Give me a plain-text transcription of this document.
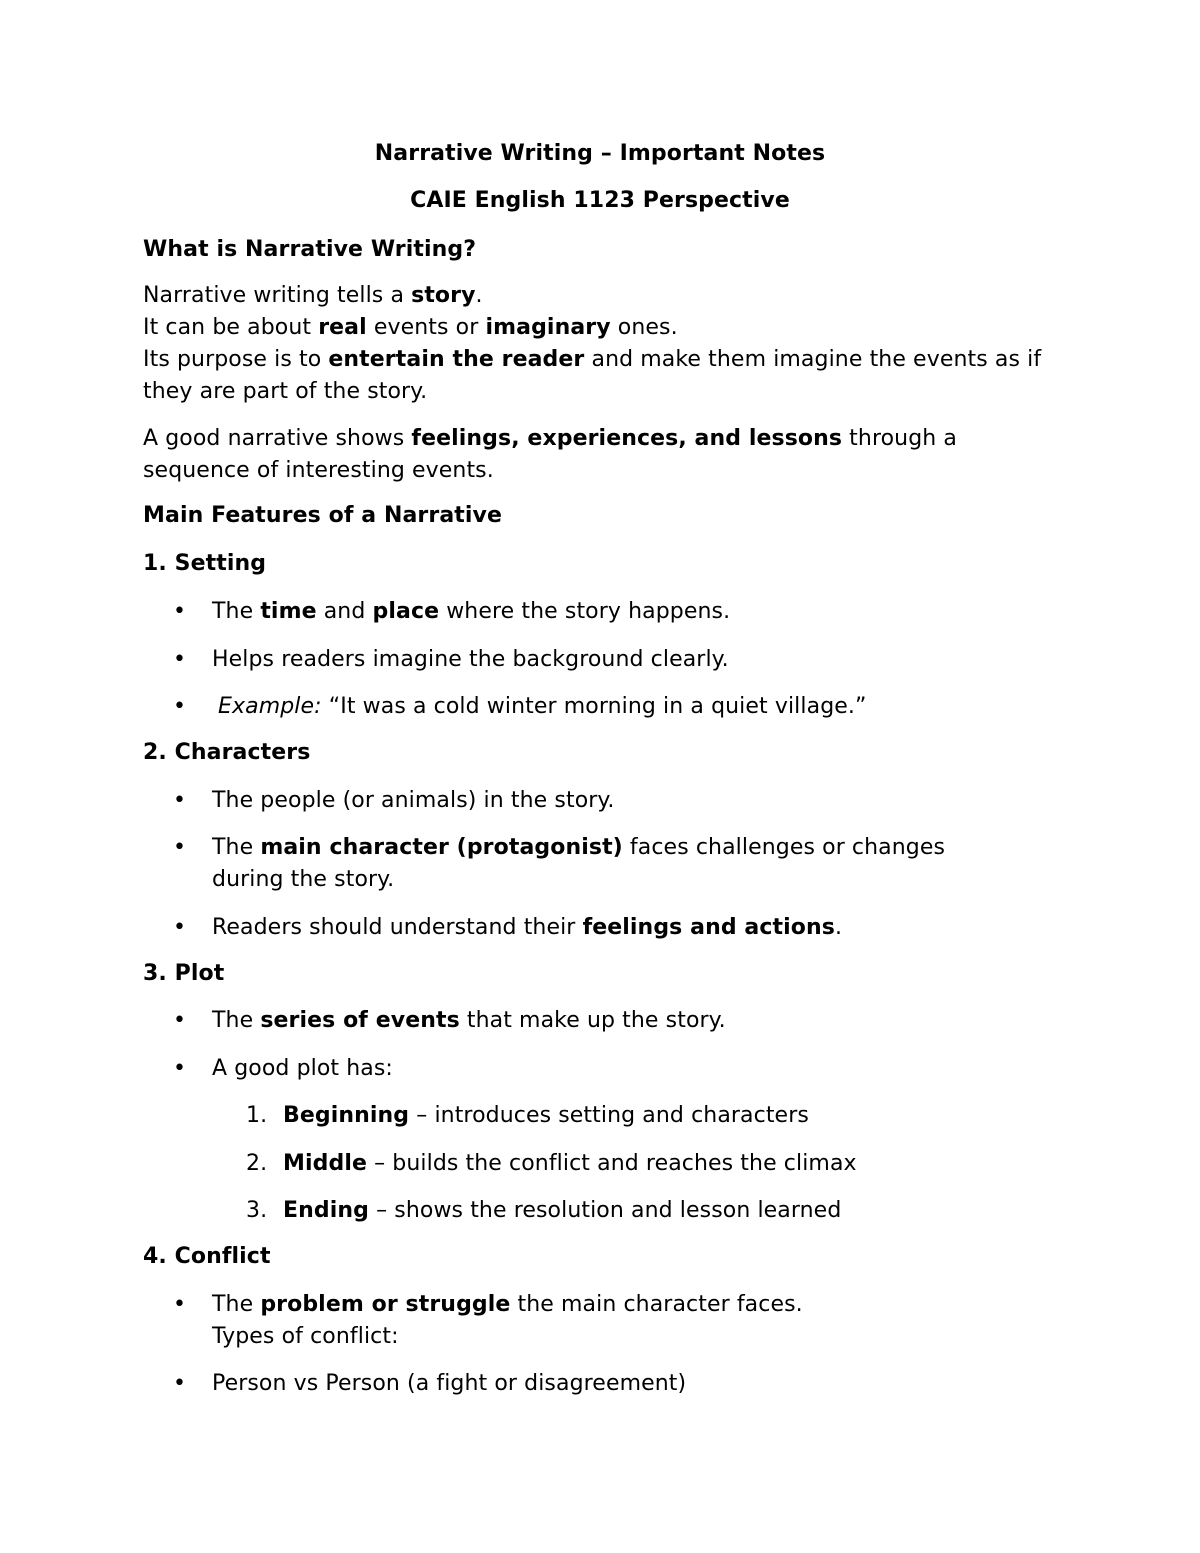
Narrative Writing – Important Notes
CAIE English 1123 Perspective
What is Narrative Writing?
Narrative writing tells a story.
It can be about real events or imaginary ones.
Its purpose is to entertain the reader and make them imagine the events as if they are part of the story.
A good narrative shows feelings, experiences, and lessons through a sequence of interesting events.
Main Features of a Narrative
1. Setting
• The time and place where the story happens.
• Helps readers imagine the background clearly.
• Example: “It was a cold winter morning in a quiet village.”
2. Characters
• The people (or animals) in the story.
• The main character (protagonist) faces challenges or changes during the story.
• Readers should understand their feelings and actions.
3. Plot
• The series of events that make up the story.
• A good plot has:
1. Beginning – introduces setting and characters
2. Middle – builds the conflict and reaches the climax
3. Ending – shows the resolution and lesson learned
4. Conflict
• The problem or struggle the main character faces.
Types of conflict:
• Person vs Person (a fight or disagreement)
